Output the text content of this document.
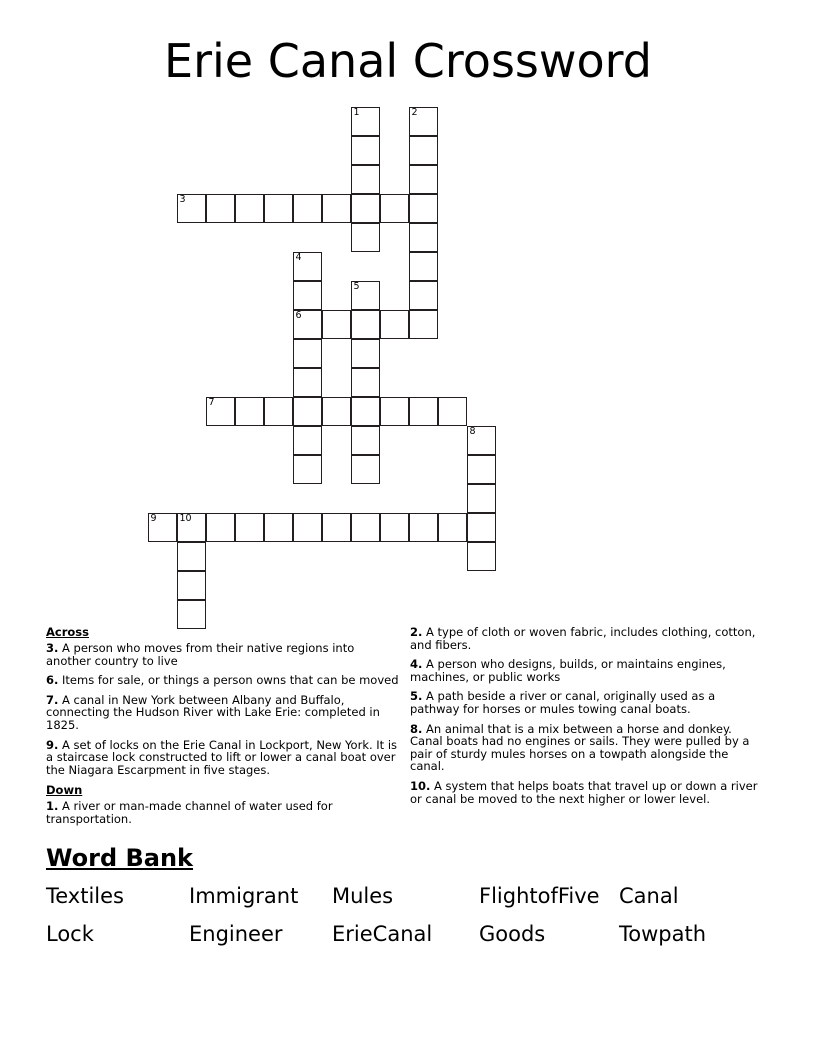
Erie Canal Crossword
1	2
3
4
5
6
7
8
9 10
Across
3. A person who moves from their native regions into another country to live
6. Items for sale, or things a person owns that can be moved
7. A canal in New York between Albany and Buffalo, connecting the Hudson River with Lake Erie: completed in 1825.
9. A set of locks on the Erie Canal in Lockport, New York. It is a staircase lock constructed to lift or lower a canal boat over the Niagara Escarpment in five stages.
Down
1. A river or man-made channel of water used for transportation.
2. A type of cloth or woven fabric, includes clothing, cotton, and fibers.
4. A person who designs, builds, or maintains engines, machines, or public works
5. A path beside a river or canal, originally used as a pathway for horses or mules towing canal boats.
8. An animal that is a mix between a horse and donkey. Canal boats had no engines or sails. They were pulled by a pair of sturdy mules horses on a towpath alongside the canal.
10. A system that helps boats that travel up or down a river or canal be moved to the next higher or lower level.
Word Bank
Textiles	Immigrant	Mules	FlightofFive Canal
Lock	Engineer	ErieCanal	Goods	Towpath
